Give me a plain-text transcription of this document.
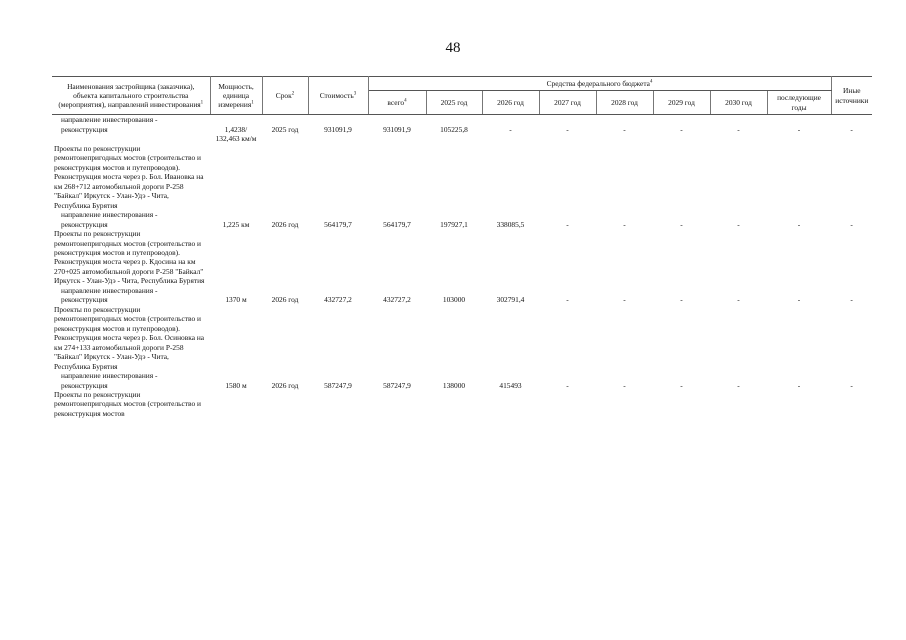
48
Наименования застройщика (заказчика), объекта капитального строительства (мероприятия), направлений инвестирования$^1$	Мощность, единица измерения$^1$	Срок$^2$	Стоимость$^3$	Средства федерального бюджета$^4$								Иные источники
				всего$^4$	2025 год	2026 год	2027 год	2028 год	2029 год	2030 год	последующие годы	
направление инвестирования -												
реконструкция	1,4238/ 132,463 км/м	2025 год	931091,9	931091,9	105225,8	-	-	-	-	-	-	-
Проекты по реконструкции ремонтонепригодных мостов (строительство и реконструкция мостов и путепроводов). Реконструкция моста через р. Бол. Ивановка на км 268+712 автомобильной дороги Р-258 "Байкал" Иркутск - Улан-Удэ - Чита, Республика Бурятия												
направление инвестирования -												
реконструкция	1,225 км	2026 год	564179,7	564179,7	197927,1	338085,5	-	-	-	-	-	-
Проекты по реконструкции ремонтонепригодных мостов (строительство и реконструкция мостов и путепроводов). Реконструкция моста через р. Кдосина на км 270+025 автомобильной дороги Р-258 "Байкал" Иркутск - Улан-Удэ - Чита, Республика Бурятия												
направление инвестирования -												
реконструкция	1370 м	2026 год	432727,2	432727,2	103000	302791,4	-	-	-	-	-	-
Проекты по реконструкции ремонтонепригодных мостов (строительство и реконструкция мостов и путепроводов). Реконструкция моста через р. Бол. Осиновка на км 274+133 автомобильной дороги Р-258 "Байкал" Иркутск - Улан-Удэ - Чита, Республика Бурятия												
направление инвестирования -												
реконструкция	1580 м	2026 год	587247,9	587247,9	138000	415493	-	-	-	-	-	-
Проекты по реконструкции ремонтонепригодных мостов (строительство и реконструкция мостов												
